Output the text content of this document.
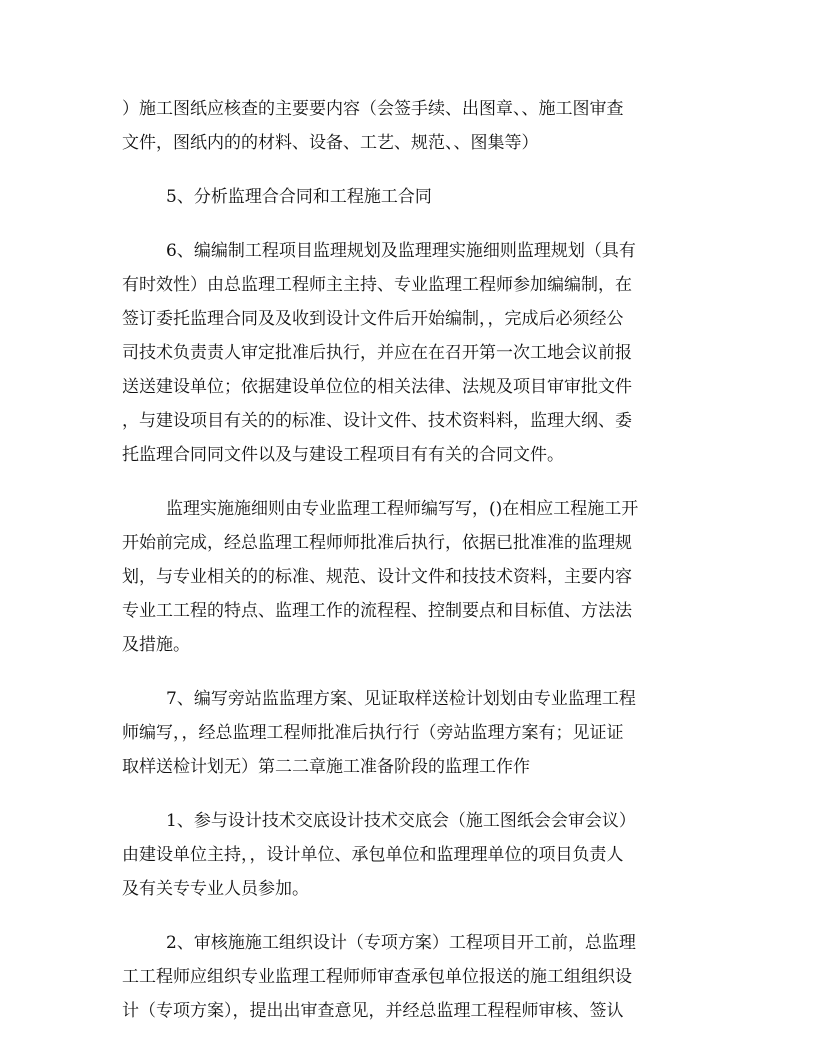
）施工图纸应核查的主要要内容（会签手续、出图章、、施工图审查
文件，图纸内的的材料、设备、工艺、规范、、图集等）
5、分析监理合合同和工程施工合同
6、编编制工程项目监理规划及监理理实施细则监理规划（具有
有时效性）由总监理工程师主主持、专业监理工程师参加编编制，在
签订委托监理合同及及收到设计文件后开始编制，，完成后必须经公
司技术负责责人审定批准后执行，并应在在召开第一次工地会议前报
送送建设单位；依据建设单位位的相关法律、法规及项目审审批文件
，与建设项目有关的的标准、设计文件、技术资料料，监理大纲、委
托监理合同同文件以及与建设工程项目有有关的合同文件。
监理实施施细则由专业监理工程师编写写，()在相应工程施工开
开始前完成，经总监理工程师师批准后执行，依据已批准准的监理规
划，与专业相关的的标准、规范、设计文件和技技术资料，主要内容
专业工工程的特点、监理工作的流程程、控制要点和目标值、方法法
及措施。
7、编写旁站监监理方案、见证取样送检计划划由专业监理工程
师编写，，经总监理工程师批准后执行行（旁站监理方案有；见证证
取样送检计划无）第二二章施工准备阶段的监理工作作
1、参与设计技术交底设计技术交底会（施工图纸会会审会议）
由建设单位主持，，设计单位、承包单位和监理理单位的项目负责人
及有关专专业人员参加。
2、审核施施工组织设计（专项方案）工程项目开工前，总监理
工工程师应组织专业监理工程师师审查承包单位报送的施工组组织设
计（专项方案），提出出审查意见，并经总监理工程程师审核、签认
